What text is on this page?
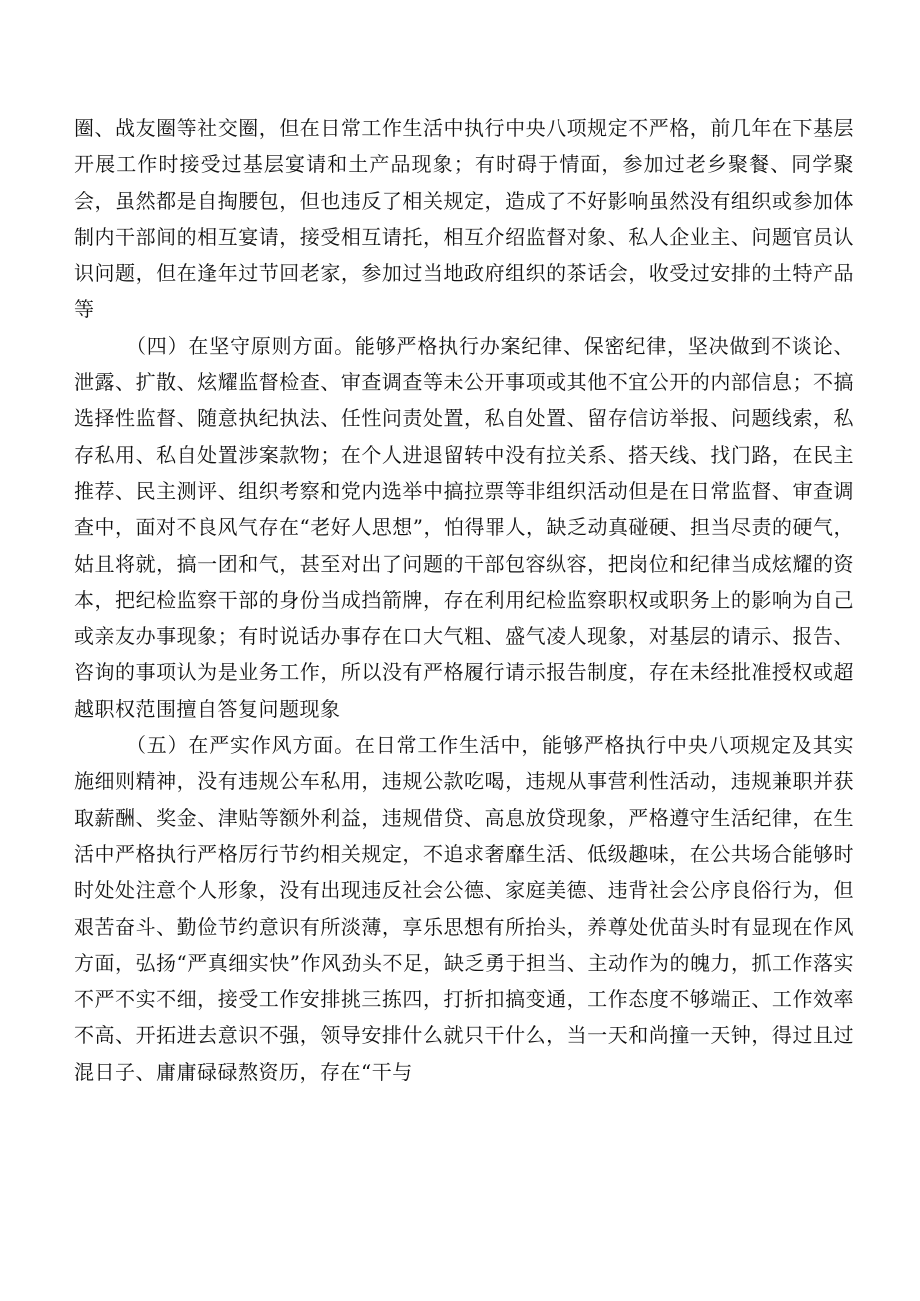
圈、战友圈等社交圈，但在日常工作生活中执行中央八项规定不严格，前几年在下基层开展工作时接受过基层宴请和土产品现象；有时碍于情面，参加过老乡聚餐、同学聚会，虽然都是自掏腰包，但也违反了相关规定，造成了不好影响虽然没有组织或参加体制内干部间的相互宴请，接受相互请托，相互介绍监督对象、私人企业主、问题官员认识问题，但在逢年过节回老家，参加过当地政府组织的茶话会，收受过安排的土特产品等

（四）在坚守原则方面。能够严格执行办案纪律、保密纪律，坚决做到不谈论、泄露、扩散、炫耀监督检查、审查调查等未公开事项或其他不宜公开的内部信息；不搞选择性监督、随意执纪执法、任性问责处置，私自处置、留存信访举报、问题线索，私存私用、私自处置涉案款物；在个人进退留转中没有拉关系、搭天线、找门路，在民主推荐、民主测评、组织考察和党内选举中搞拉票等非组织活动但是在日常监督、审查调查中，面对不良风气存在“老好人思想”，怕得罪人，缺乏动真碰硬、担当尽责的硬气，姑且将就，搞一团和气，甚至对出了问题的干部包容纵容，把岗位和纪律当成炫耀的资本，把纪检监察干部的身份当成挡箭牌，存在利用纪检监察职权或职务上的影响为自己或亲友办事现象；有时说话办事存在口大气粗、盛气凌人现象，对基层的请示、报告、咨询的事项认为是业务工作，所以没有严格履行请示报告制度，存在未经批准授权或超越职权范围擅自答复问题现象

（五）在严实作风方面。在日常工作生活中，能够严格执行中央八项规定及其实施细则精神，没有违规公车私用，违规公款吃喝，违规从事营利性活动，违规兼职并获取薪酬、奖金、津贴等额外利益，违规借贷、高息放贷现象，严格遵守生活纪律，在生活中严格执行严格厉行节约相关规定，不追求奢靡生活、低级趣味，在公共场合能够时时处处注意个人形象，没有出现违反社会公德、家庭美德、违背社会公序良俗行为，但艰苦奋斗、勤俭节约意识有所淡薄，享乐思想有所抬头，养尊处优苗头时有显现在作风方面，弘扬“严真细实快”作风劲头不足，缺乏勇于担当、主动作为的魄力，抓工作落实不严不实不细，接受工作安排挑三拣四，打折扣搞变通，工作态度不够端正、工作效率不高、开拓进去意识不强，领导安排什么就只干什么，当一天和尚撞一天钟，得过且过混日子、庸庸碌碌熬资历，存在“干与
